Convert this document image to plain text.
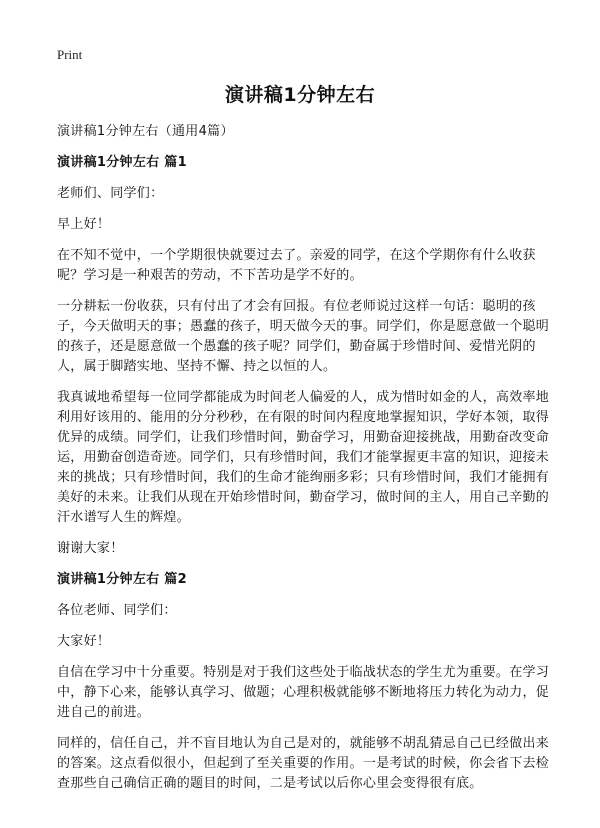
Print
演讲稿1分钟左右

演讲稿1分钟左右（通用4篇）

演讲稿1分钟左右 篇1

老师们、同学们：

早上好！

在不知不觉中，一个学期很快就要过去了。亲爱的同学，在这个学期你有什么收获呢？学习是一种艰苦的劳动，不下苦功是学不好的。

一分耕耘一份收获，只有付出了才会有回报。有位老师说过这样一句话：聪明的孩子，今天做明天的事；愚蠢的孩子，明天做今天的事。同学们，你是愿意做一个聪明的孩子，还是愿意做一个愚蠢的孩子呢？同学们，勤奋属于珍惜时间、爱惜光阴的人，属于脚踏实地、坚持不懈、持之以恒的人。

我真诚地希望每一位同学都能成为时间老人偏爱的人，成为惜时如金的人，高效率地利用好该用的、能用的分分秒秒，在有限的时间内程度地掌握知识，学好本领，取得优异的成绩。同学们，让我们珍惜时间，勤奋学习，用勤奋迎接挑战，用勤奋改变命运，用勤奋创造奇迹。同学们，只有珍惜时间，我们才能掌握更丰富的知识，迎接未来的挑战；只有珍惜时间，我们的生命才能绚丽多彩；只有珍惜时间，我们才能拥有美好的未来。让我们从现在开始珍惜时间，勤奋学习，做时间的主人，用自己辛勤的汗水谱写人生的辉煌。

谢谢大家！

演讲稿1分钟左右 篇2

各位老师、同学们：

大家好！

自信在学习中十分重要。特别是对于我们这些处于临战状态的学生尤为重要。在学习中，静下心来，能够认真学习、做题；心理积极就能够不断地将压力转化为动力，促进自己的前进。

同样的，信任自己，并不盲目地认为自己是对的，就能够不胡乱猜忌自己已经做出来的答案。这点看似很小，但起到了至关重要的作用。一是考试的时候，你会省下去检查那些自己确信正确的题目的时间，二是考试以后你心里会变得很有底。
